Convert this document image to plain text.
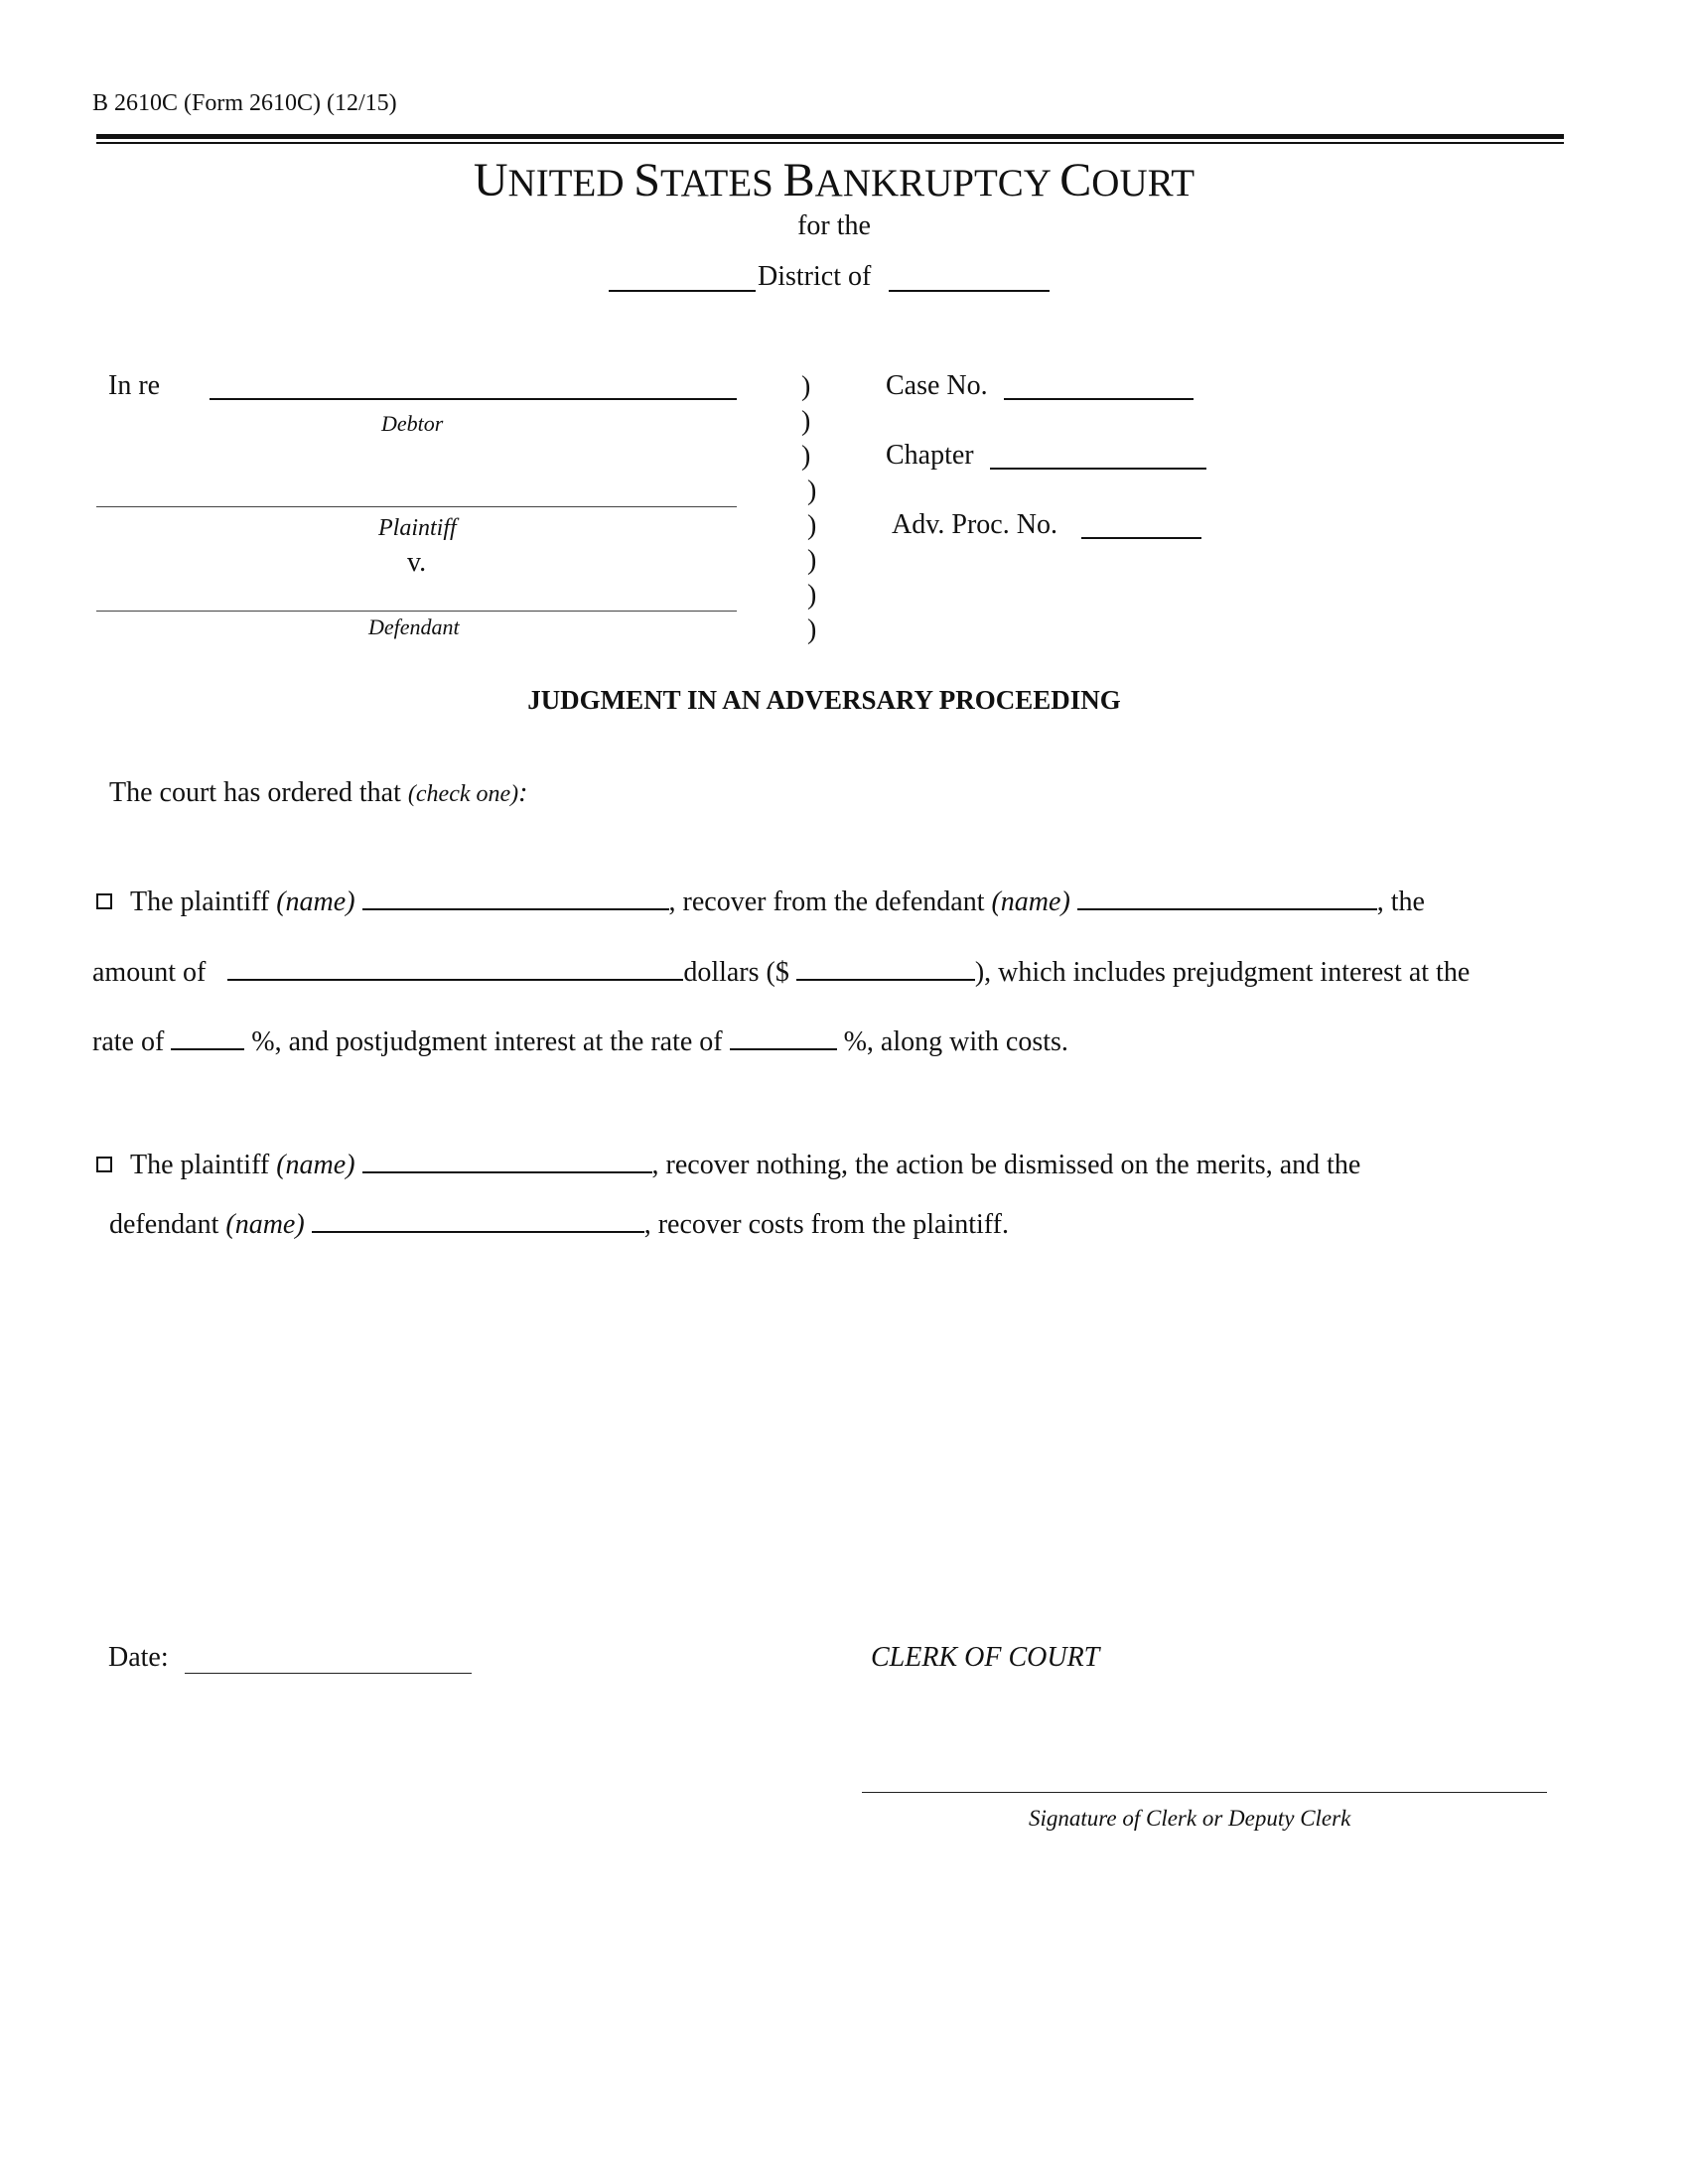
B 2610C (Form 2610C) (12/15)
UNITED STATES BANKRUPTCY COURT
for the
District of
In re
Debtor
Plaintiff
v.
Defendant
)
)
)
)
)
)
)
)
Case No.
Chapter
Adv. Proc. No.
JUDGMENT IN AN ADVERSARY PROCEEDING
The court has ordered that (check one):
The plaintiff (name)	, recover from the defendant (name)	, the
amount of	dollars ($	), which includes prejudgment interest at the
rate of	%, and postjudgment interest at the rate of	%, along with costs.
The plaintiff (name)	, recover nothing, the action be dismissed on the merits, and the
defendant (name)	, recover costs from the plaintiff.
Date:	CLERK OF COURT
Signature of Clerk or Deputy Clerk
